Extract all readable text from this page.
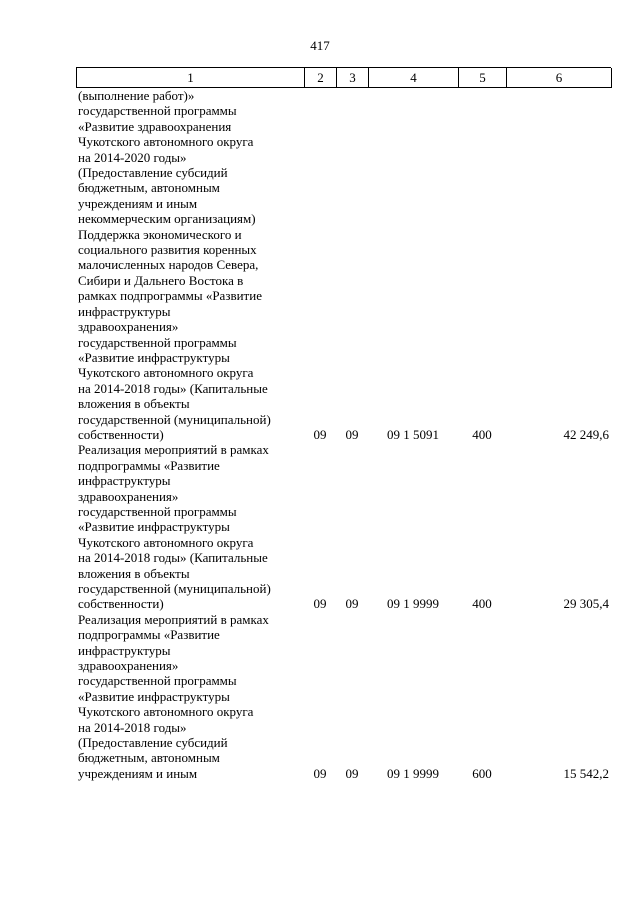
417
1	2	3	4	5	6
(выполнение работ)»
государственной программы
«Развитие здравоохранения
Чукотского автономного округа
на 2014-2020 годы»
(Предоставление субсидий
бюджетным, автономным
учреждениям и иным
некоммерческим организациям)
Поддержка экономического и
социального развития коренных
малочисленных народов Севера,
Сибири и Дальнего Востока в
рамках подпрограммы «Развитие
инфраструктуры
здравоохранения»
государственной программы
«Развитие инфраструктуры
Чукотского автономного округа
на 2014-2018 годы» (Капитальные
вложения в объекты
государственной (муниципальной)
собственности)	09	09	09 1 5091	400	42 249,6
Реализация мероприятий в рамках
подпрограммы «Развитие
инфраструктуры
здравоохранения»
государственной программы
«Развитие инфраструктуры
Чукотского автономного округа
на 2014-2018 годы» (Капитальные
вложения в объекты
государственной (муниципальной)
собственности)	09	09	09 1 9999	400	29 305,4
Реализация мероприятий в рамках
подпрограммы «Развитие
инфраструктуры
здравоохранения»
государственной программы
«Развитие инфраструктуры
Чукотского автономного округа
на 2014-2018 годы»
(Предоставление субсидий
бюджетным, автономным
учреждениям и иным	09	09	09 1 9999	600	15 542,2
